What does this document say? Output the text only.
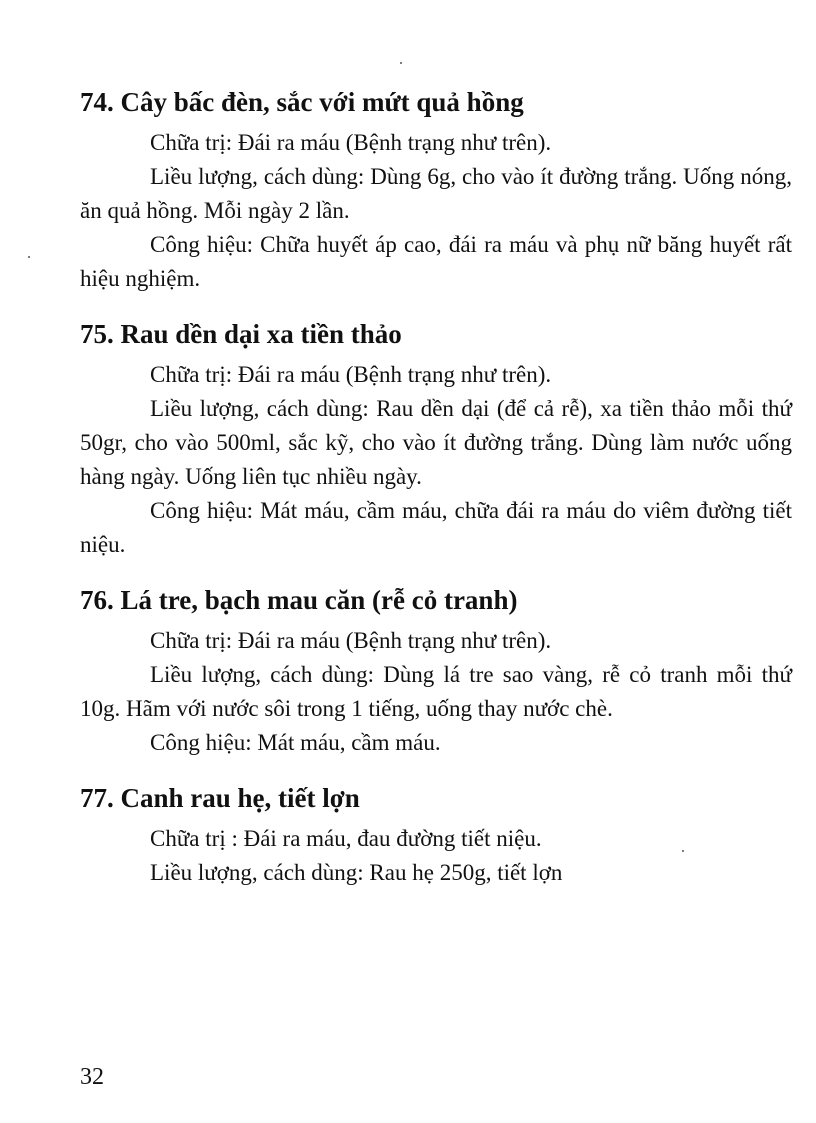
74. Cây bấc đèn, sắc với mứt quả hồng

Chữa trị: Đái ra máu (Bệnh trạng như trên).

Liều lượng, cách dùng: Dùng 6g, cho vào ít đường trắng. Uống nóng, ăn quả hồng. Mỗi ngày 2 lần.

Công hiệu: Chữa huyết áp cao, đái ra máu và phụ nữ băng huyết rất hiệu nghiệm.

75. Rau dền dại xa tiền thảo

Chữa trị: Đái ra máu (Bệnh trạng như trên).

Liều lượng, cách dùng: Rau dền dại (để cả rễ), xa tiền thảo mỗi thứ 50gr, cho vào 500ml, sắc kỹ, cho vào ít đường trắng. Dùng làm nước uống hàng ngày. Uống liên tục nhiều ngày.

Công hiệu: Mát máu, cầm máu, chữa đái ra máu do viêm đường tiết niệu.

76. Lá tre, bạch mau căn (rễ cỏ tranh)

Chữa trị: Đái ra máu (Bệnh trạng như trên).

Liều lượng, cách dùng: Dùng lá tre sao vàng, rễ cỏ tranh mỗi thứ 10g. Hãm với nước sôi trong 1 tiếng, uống thay nước chè.

Công hiệu: Mát máu, cầm máu.

77. Canh rau hẹ, tiết lợn

Chữa trị : Đái ra máu, đau đường tiết niệu.

Liều lượng, cách dùng: Rau hẹ 250g, tiết lợn

32
